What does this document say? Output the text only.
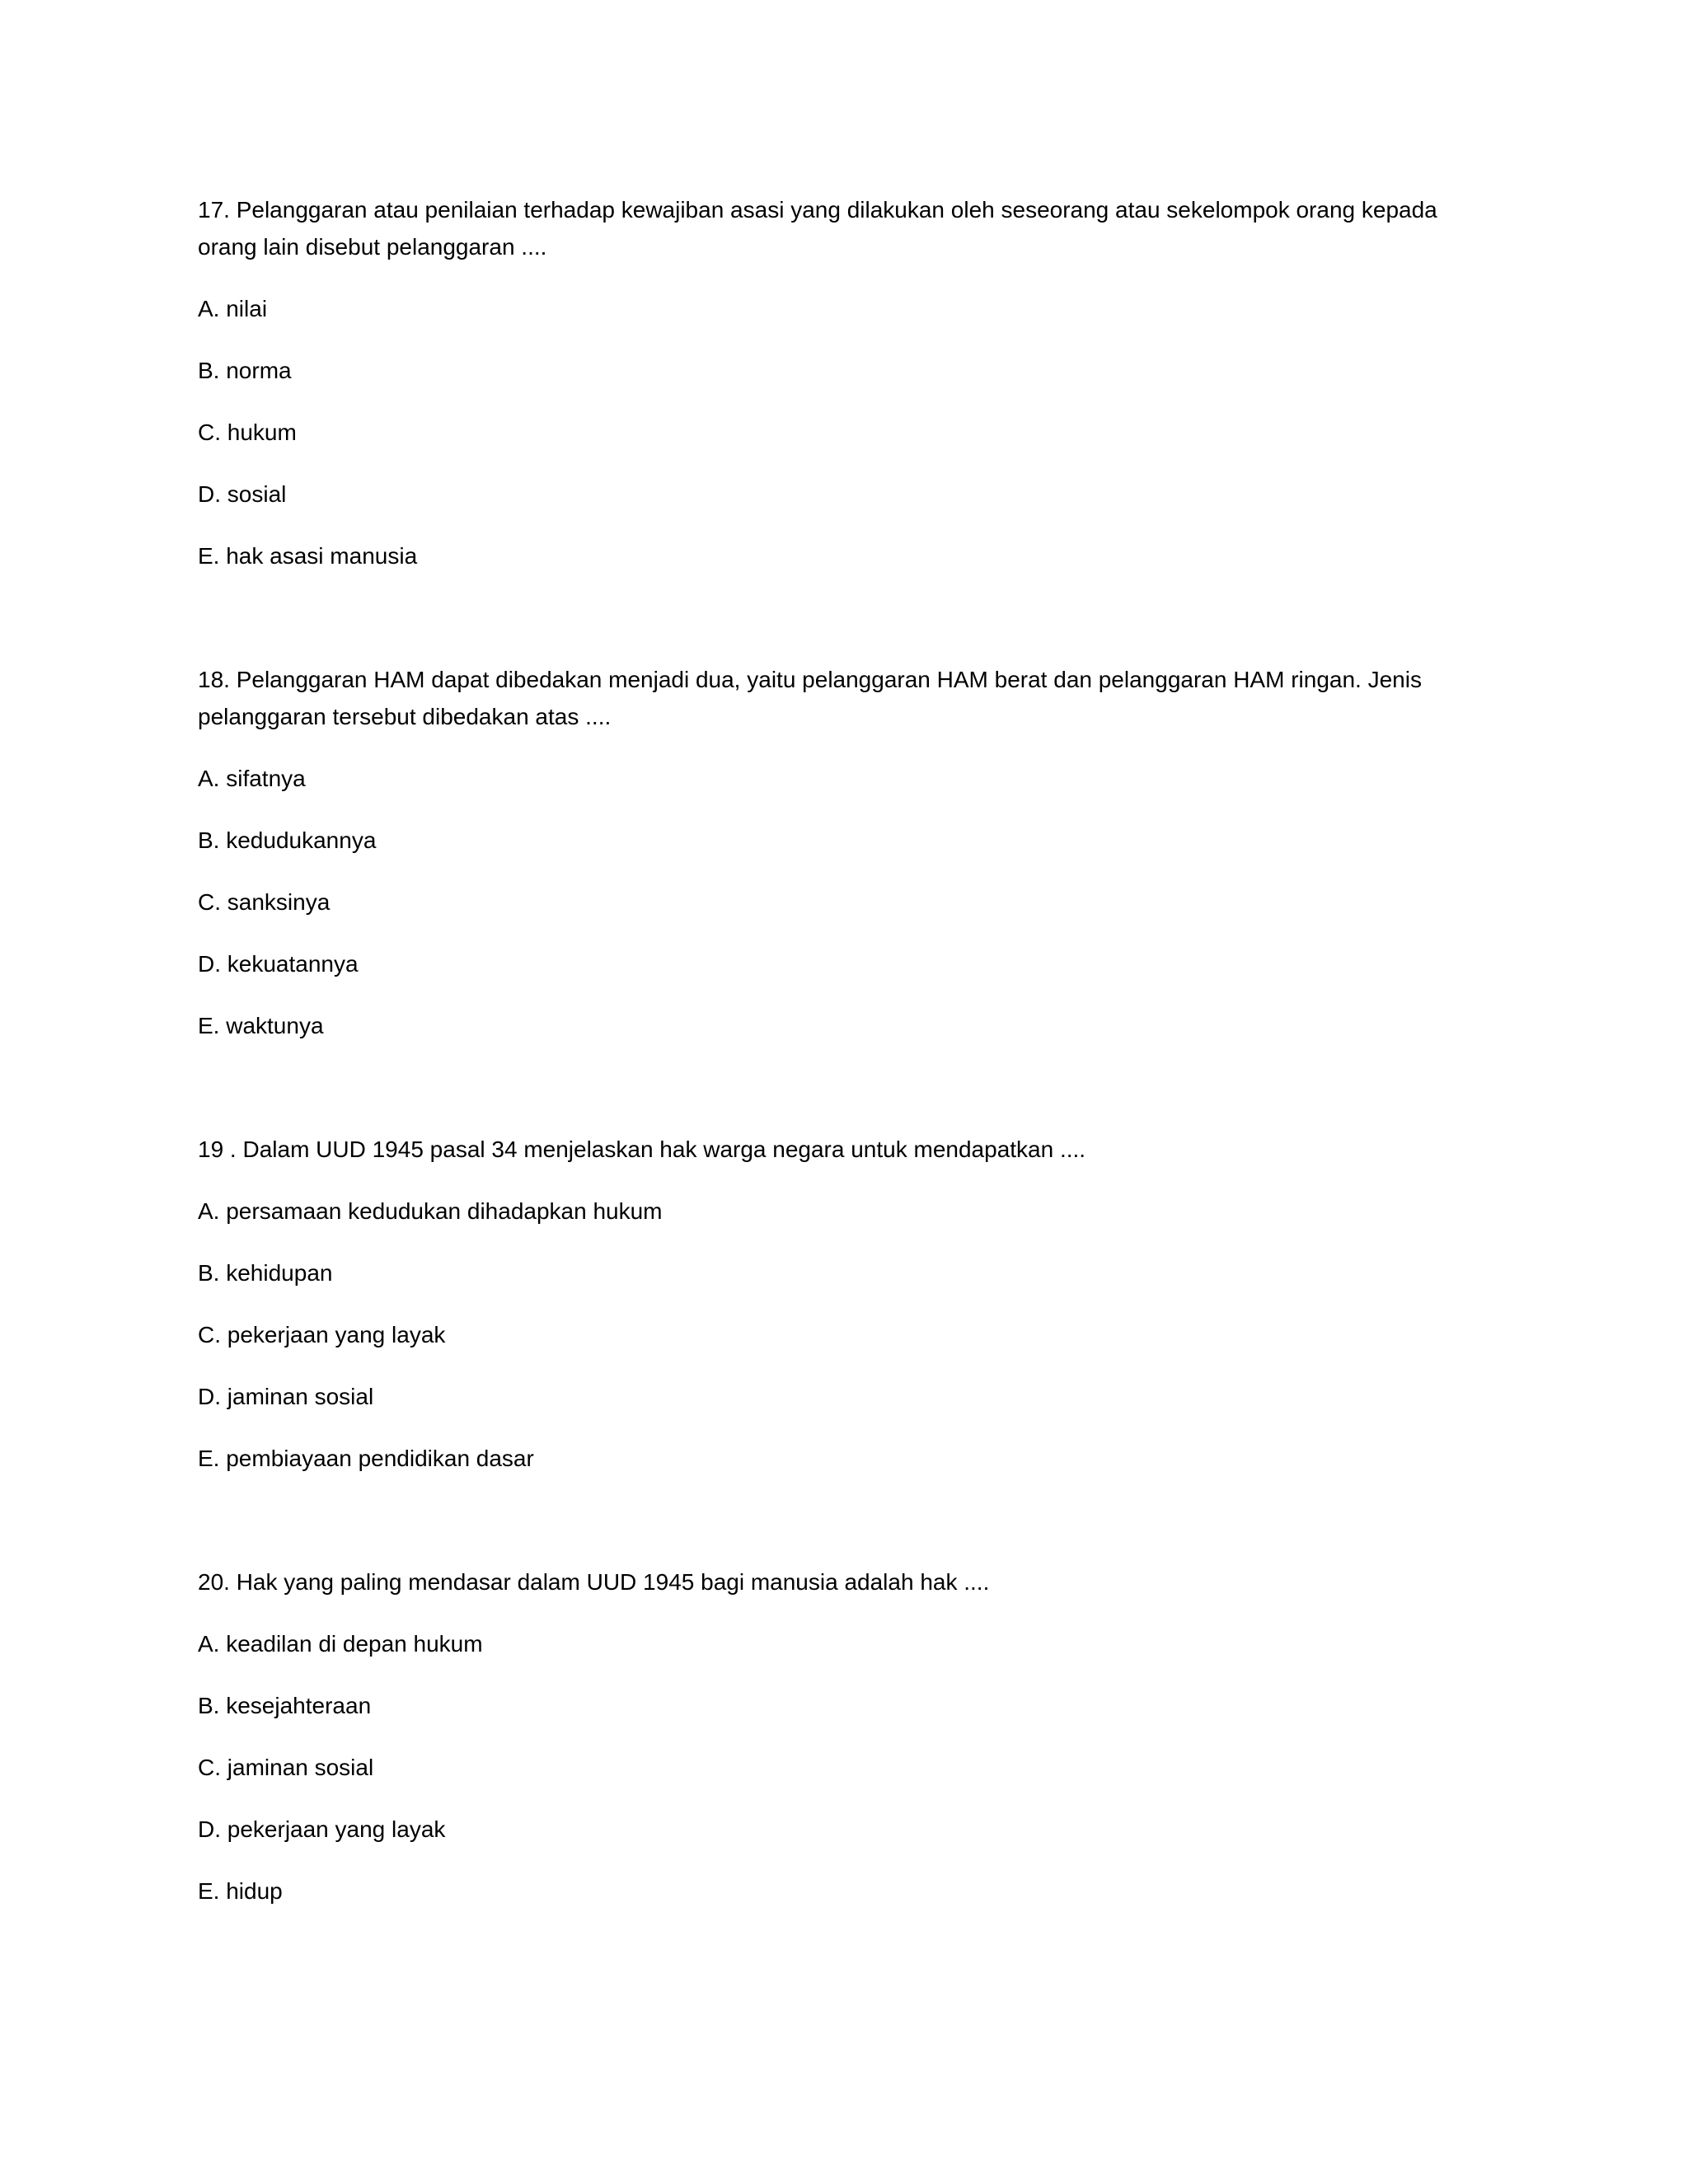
17. Pelanggaran atau penilaian terhadap kewajiban asasi yang dilakukan oleh seseorang atau sekelompok orang kepada orang lain disebut pelanggaran ....

A. nilai

B. norma

C. hukum

D. sosial

E. hak asasi manusia

18. Pelanggaran HAM dapat dibedakan menjadi dua, yaitu pelanggaran HAM berat dan pelanggaran HAM ringan. Jenis pelanggaran tersebut dibedakan atas ....

A. sifatnya

B. kedudukannya

C. sanksinya

D. kekuatannya

E. waktunya

19 . Dalam UUD 1945 pasal 34 menjelaskan hak warga negara untuk mendapatkan ....

A. persamaan kedudukan dihadapkan hukum

B. kehidupan

C. pekerjaan yang layak

D. jaminan sosial

E. pembiayaan pendidikan dasar

20. Hak yang paling mendasar dalam UUD 1945 bagi manusia adalah hak ....

A. keadilan di depan hukum

B. kesejahteraan

C. jaminan sosial

D. pekerjaan yang layak

E. hidup
